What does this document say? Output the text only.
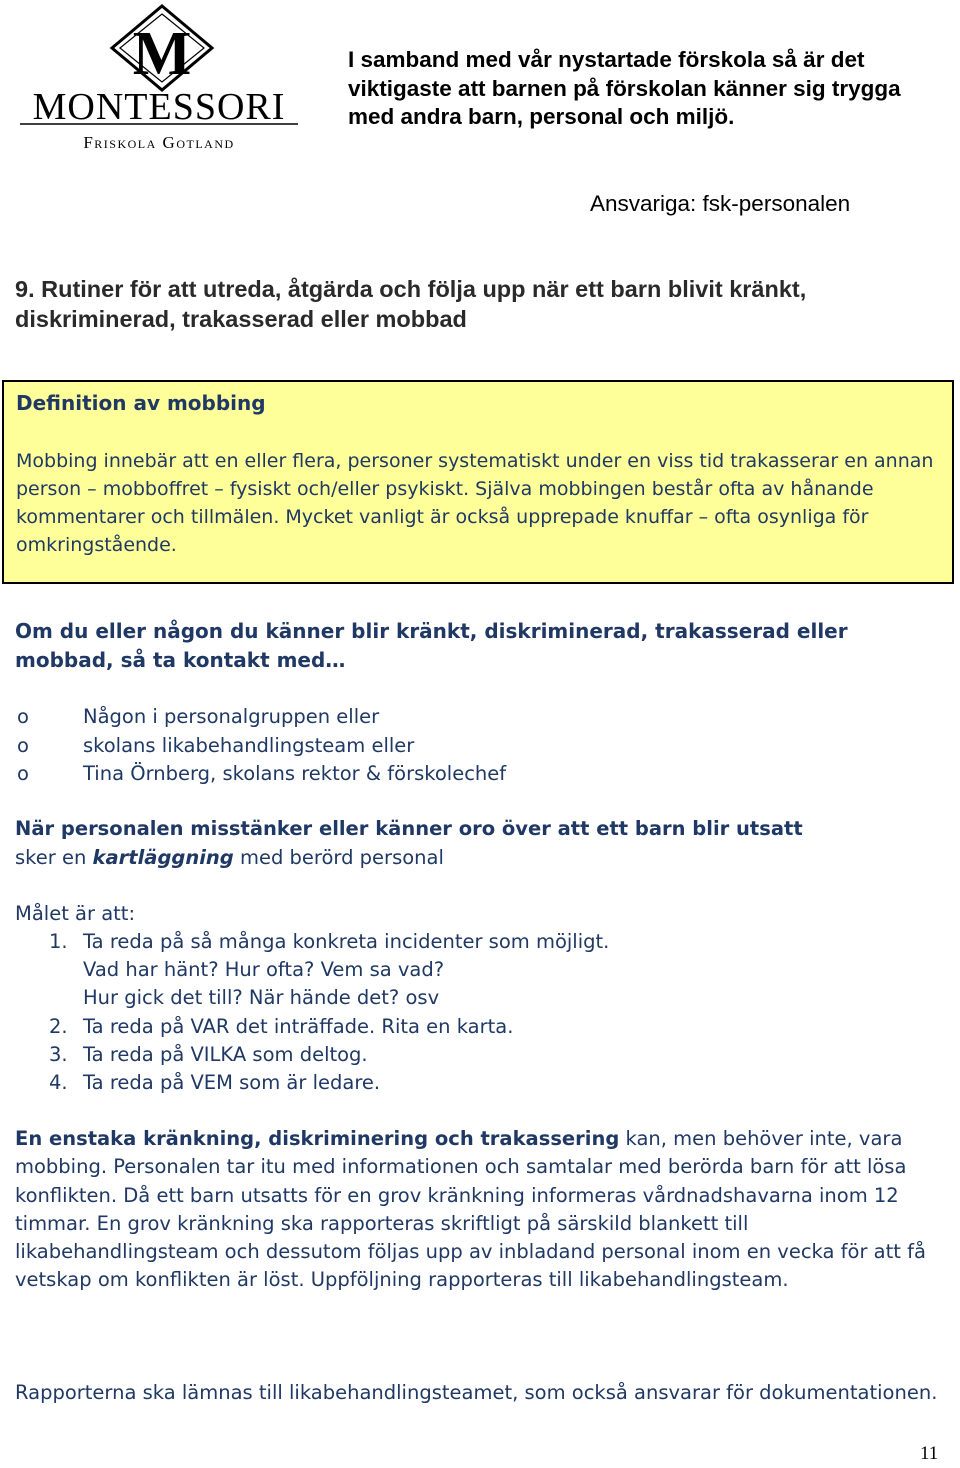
M
MONTESSORI
Friskola Gotland

I samband med vår nystartade förskola så är det viktigaste att barnen på förskolan känner sig trygga med andra barn, personal och miljö.

Ansvariga: fsk-personalen
9. Rutiner för att utreda, åtgärda och följa upp när ett barn blivit kränkt, diskriminerad, trakasserad eller mobbad
Definition av mobbing

Mobbing innebär att en eller flera, personer systematiskt under en viss tid trakasserar en annan person – mobboffret – fysiskt och/eller psykiskt. Själva mobbingen består ofta av hånande kommentarer och tillmälen. Mycket vanligt är också upprepade knuffar – ofta osynliga för omkringstående.

Om du eller någon du känner blir kränkt, diskriminerad, trakasserad eller mobbad, så ta kontakt med…

o	Någon i personalgruppen eller
o	skolans likabehandlingsteam eller
o	Tina Örnberg, skolans rektor & förskolechef

När personalen misstänker eller känner oro över att ett barn blir utsatt
sker en kartläggning med berörd personal

Målet är att:
1. Ta reda på så många konkreta incidenter som möjligt.
Vad har hänt? Hur ofta? Vem sa vad?
Hur gick det till? När hände det? osv
2. Ta reda på VAR det inträffade. Rita en karta.
3. Ta reda på VILKA som deltog.
4. Ta reda på VEM som är ledare.

En enstaka kränkning, diskriminering och trakassering kan, men behöver inte, vara mobbing. Personalen tar itu med informationen och samtalar med berörda barn för att lösa konflikten. Då ett barn utsatts för en grov kränkning informeras vårdnadshavarna inom 12 timmar. En grov kränkning ska rapporteras skriftligt på särskild blankett till likabehandlingsteam och dessutom följas upp av inbladand personal inom en vecka för att få vetskap om konflikten är löst. Uppföljning rapporteras till likabehandlingsteam.

Rapporterna ska lämnas till likabehandlingsteamet, som också ansvarar för dokumentationen.

11
